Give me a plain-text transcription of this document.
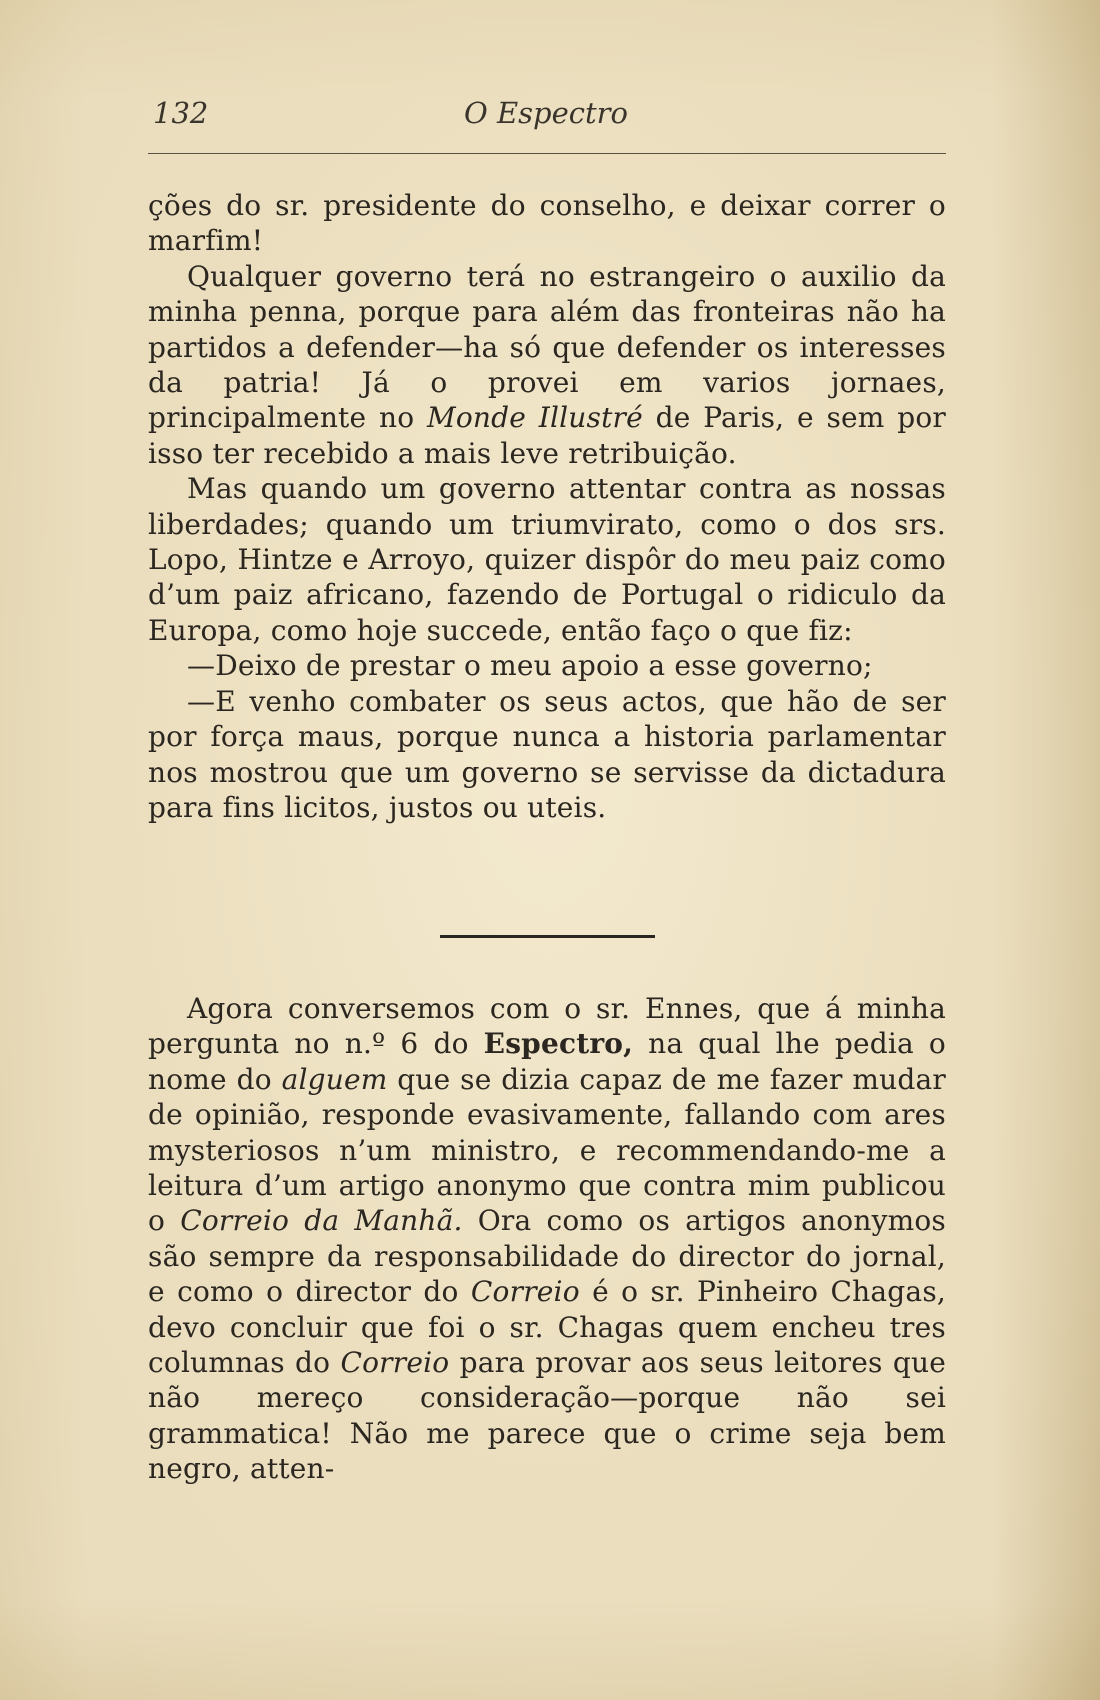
132	O Espectro

ções do sr. presidente do conselho, e deixar correr o marfim!

Qualquer governo terá no estrangeiro o auxilio da minha penna, porque para além das fronteiras não ha partidos a defender—ha só que defender os interesses da patria! Já o provei em varios jornaes, principalmente no Monde Illustré de Paris, e sem por isso ter recebido a mais leve retribuição.

Mas quando um governo attentar contra as nossas liberdades; quando um triumvirato, como o dos srs. Lopo, Hintze e Arroyo, quizer dispôr do meu paiz como d’um paiz africano, fazendo de Portugal o ridiculo da Europa, como hoje succede, então faço o que fiz:

—Deixo de prestar o meu apoio a esse governo;

—E venho combater os seus actos, que hão de ser por força maus, porque nunca a historia parlamentar nos mostrou que um governo se servisse da dictadura para fins licitos, justos ou uteis.

Agora conversemos com o sr. Ennes, que á minha pergunta no n.º 6 do Espectro, na qual lhe pedia o nome do alguem que se dizia capaz de me fazer mudar de opinião, responde evasivamente, fallando com ares mysteriosos n’um ministro, e recommendando-me a leitura d’um artigo anonymo que contra mim publicou o Correio da Manhã. Ora como os artigos anonymos são sempre da responsabilidade do director do jornal, e como o director do Correio é o sr. Pinheiro Chagas, devo concluir que foi o sr. Chagas quem encheu tres columnas do Correio para provar aos seus leitores que não mereço consideração—porque não sei grammatica! Não me parece que o crime seja bem negro, atten-
